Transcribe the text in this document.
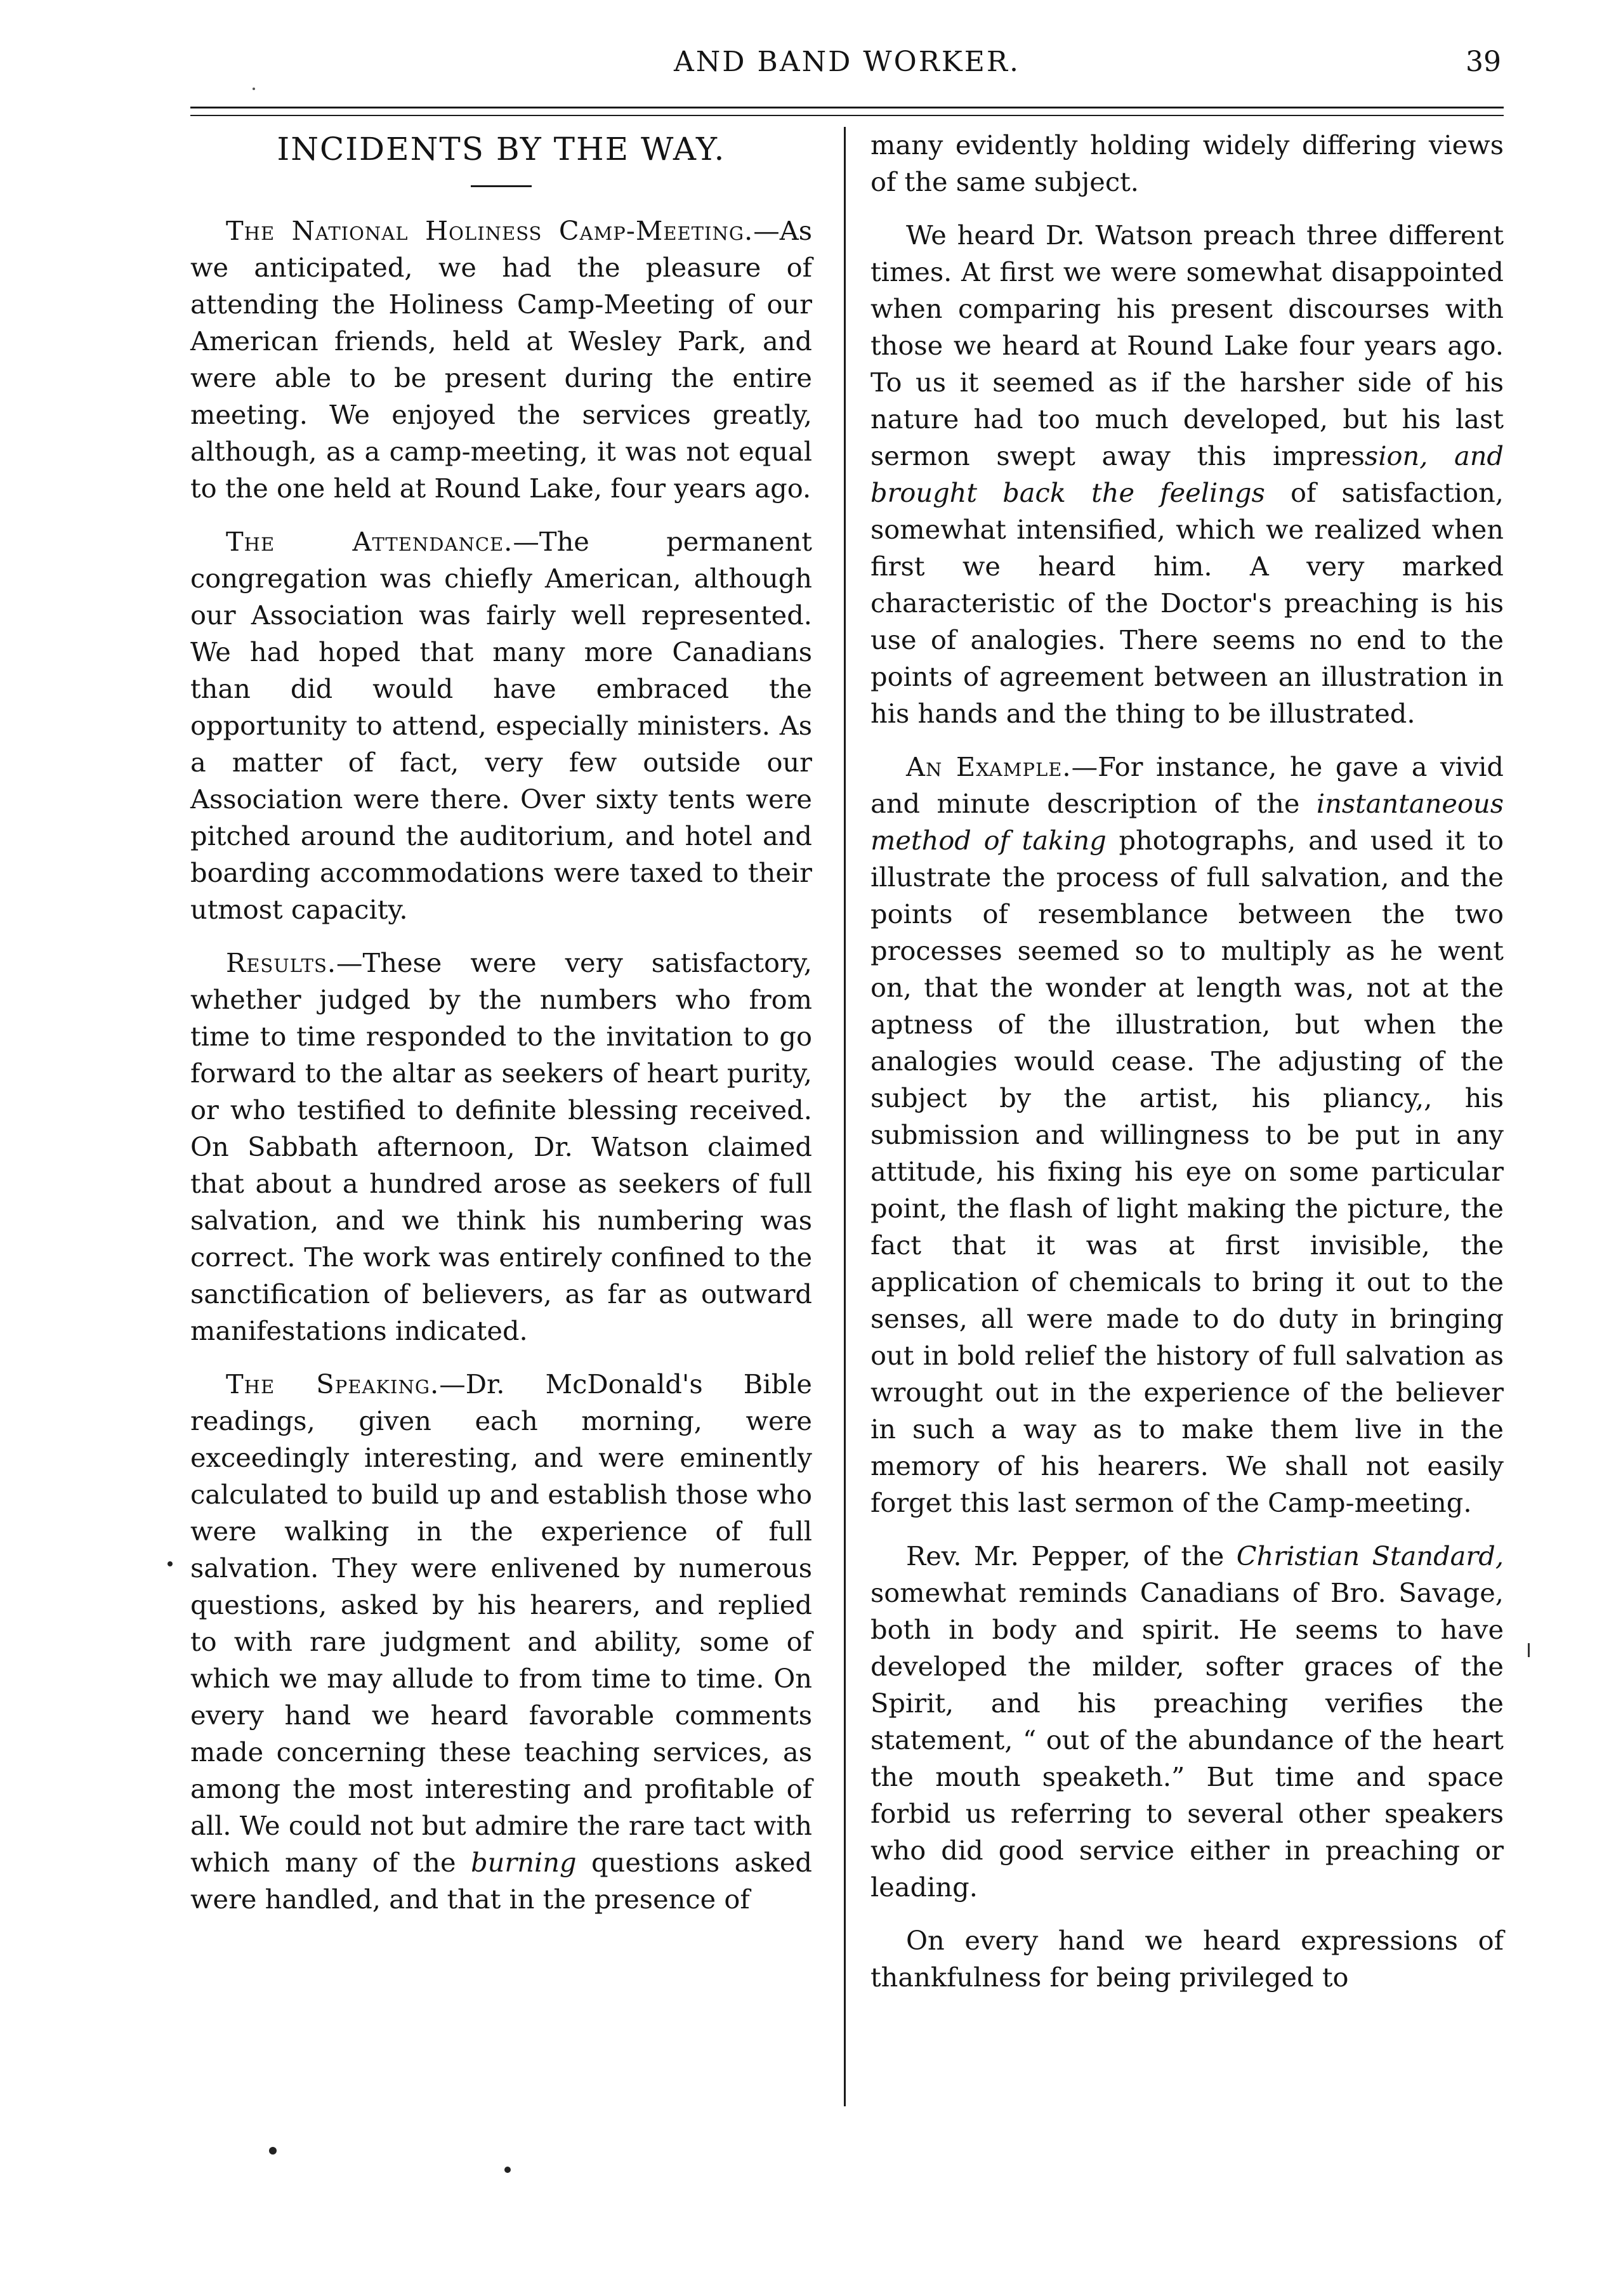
AND BAND WORKER.	39
INCIDENTS BY THE WAY.

The National Holiness Camp-Meeting.—As we anticipated, we had the pleasure of attending the Holiness Camp-Meeting of our American friends, held at Wesley Park, and were able to be present during the entire meeting. We enjoyed the services greatly, although, as a camp-meeting, it was not equal to the one held at Round Lake, four years ago.

The Attendance.—The permanent congregation was chiefly American, although our Association was fairly well represented. We had hoped that many more Canadians than did would have embraced the opportunity to attend, especially ministers. As a matter of fact, very few outside our Association were there. Over sixty tents were pitched around the auditorium, and hotel and boarding accommodations were taxed to their utmost capacity.

Results.—These were very satisfactory, whether judged by the numbers who from time to time responded to the invitation to go forward to the altar as seekers of heart purity, or who testified to definite blessing received. On Sabbath afternoon, Dr. Watson claimed that about a hundred arose as seekers of full salvation, and we think his numbering was correct. The work was entirely confined to the sanctification of believers, as far as outward manifestations indicated.

The Speaking.—Dr. McDonald's Bible readings, given each morning, were exceedingly interesting, and were eminently calculated to build up and establish those who were walking in the experience of full salvation. They were enlivened by numerous questions, asked by his hearers, and replied to with rare judgment and ability, some of which we may allude to from time to time. On every hand we heard favorable comments made concerning these teaching services, as among the most interesting and profitable of all. We could not but admire the rare tact with which many of the burning questions asked were handled, and that in the presence of

many evidently holding widely differing views of the same subject.

We heard Dr. Watson preach three different times. At first we were somewhat disappointed when comparing his present discourses with those we heard at Round Lake four years ago. To us it seemed as if the harsher side of his nature had too much developed, but his last sermon swept away this impression, and brought back the feelings of satisfaction, somewhat intensified, which we realized when first we heard him. A very marked characteristic of the Doctor's preaching is his use of analogies. There seems no end to the points of agreement between an illustration in his hands and the thing to be illustrated.

An Example.—For instance, he gave a vivid and minute description of the instantaneous method of taking photographs, and used it to illustrate the process of full salvation, and the points of resemblance between the two processes seemed so to multiply as he went on, that the wonder at length was, not at the aptness of the illustration, but when the analogies would cease. The adjusting of the subject by the artist, his pliancy,, his submission and willingness to be put in any attitude, his fixing his eye on some particular point, the flash of light making the picture, the fact that it was at first invisible, the application of chemicals to bring it out to the senses, all were made to do duty in bringing out in bold relief the history of full salvation as wrought out in the experience of the believer in such a way as to make them live in the memory of his hearers. We shall not easily forget this last sermon of the Camp-meeting.

Rev. Mr. Pepper, of the Christian Standard, somewhat reminds Canadians of Bro. Savage, both in body and spirit. He seems to have developed the milder, softer graces of the Spirit, and his preaching verifies the statement, “ out of the abundance of the heart the mouth speaketh.” But time and space forbid us referring to several other speakers who did good service either in preaching or leading.

On every hand we heard expressions of thankfulness for being privileged to
